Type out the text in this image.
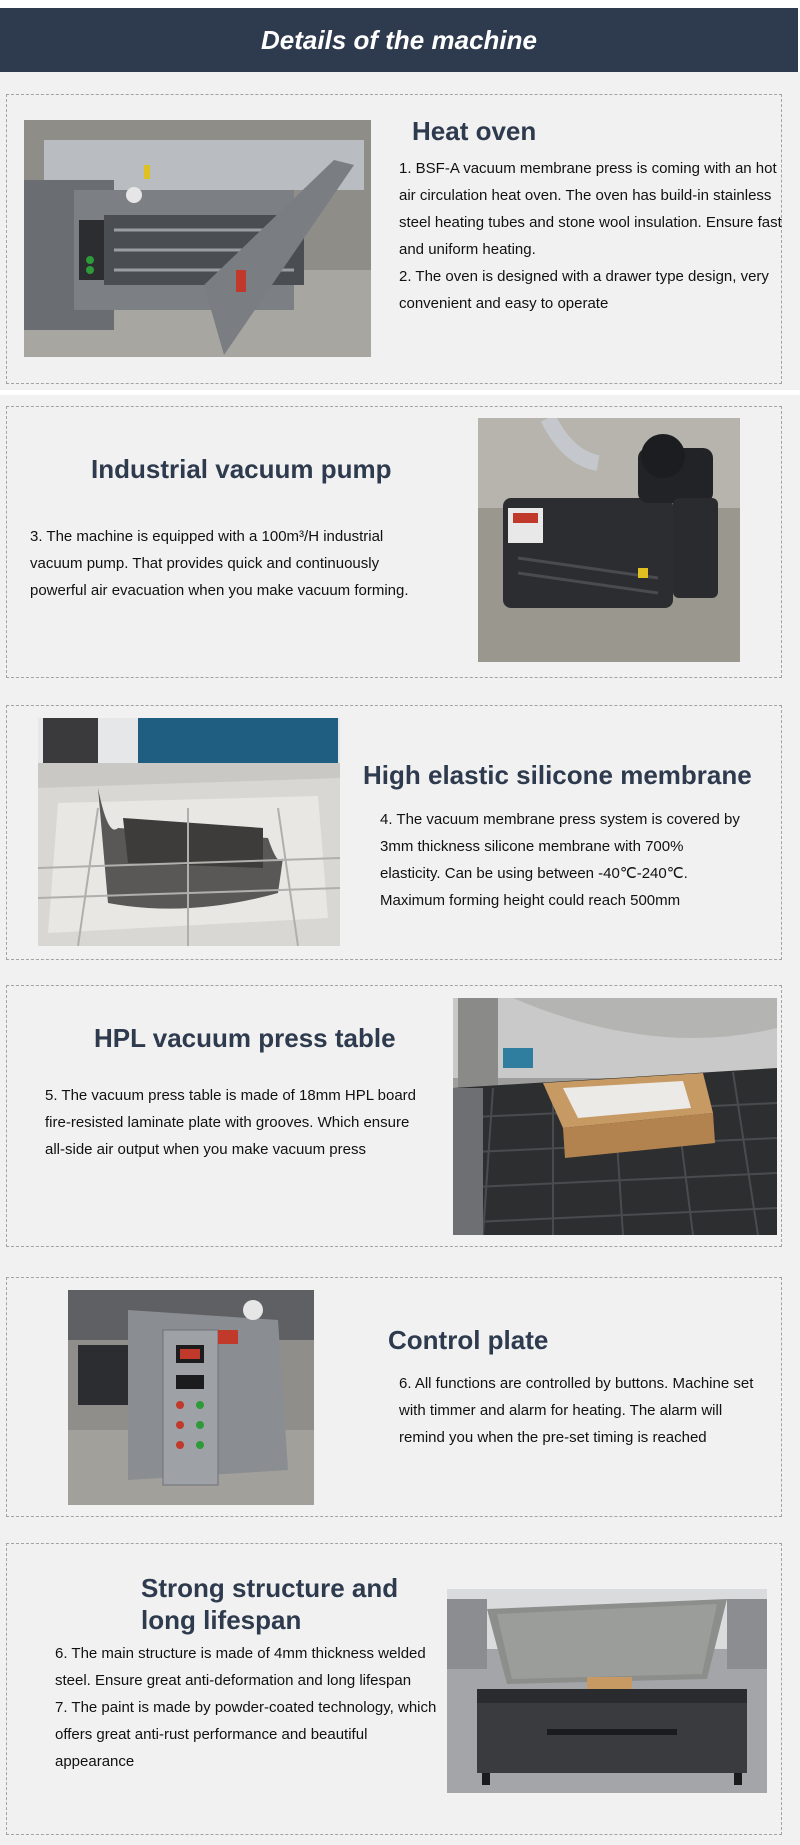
Details of the machine
Heat oven

1. BSF-A vacuum membrane press is coming with an hot air circulation heat oven. The oven has build-in stainless steel heating tubes and stone wool insulation. Ensure fast and uniform heating.

2. The oven is designed with a drawer type design, very convenient and easy to operate

Industrial vacuum pump

3. The machine is equipped with a 100m³/H industrial vacuum pump. That provides quick and continuously powerful air evacuation when you make vacuum forming.

High elastic silicone membrane

4. The vacuum membrane press system is covered by 3mm thickness silicone membrane with 700% elasticity. Can be using between -40℃-240℃. Maximum forming height could reach 500mm

HPL vacuum press table

5. The vacuum press table is made of 18mm HPL board fire-resisted laminate plate with grooves. Which ensure all-side air output when you make vacuum press

Control plate

6. All functions are controlled by buttons. Machine set with timmer and alarm for heating. The alarm will remind you when the pre-set timing is reached

Strong structure and long lifespan

6. The main structure is made of 4mm thickness welded steel. Ensure great anti-deformation and long lifespan

7. The paint is made by powder-coated technology, which offers great anti-rust performance and beautiful appearance
